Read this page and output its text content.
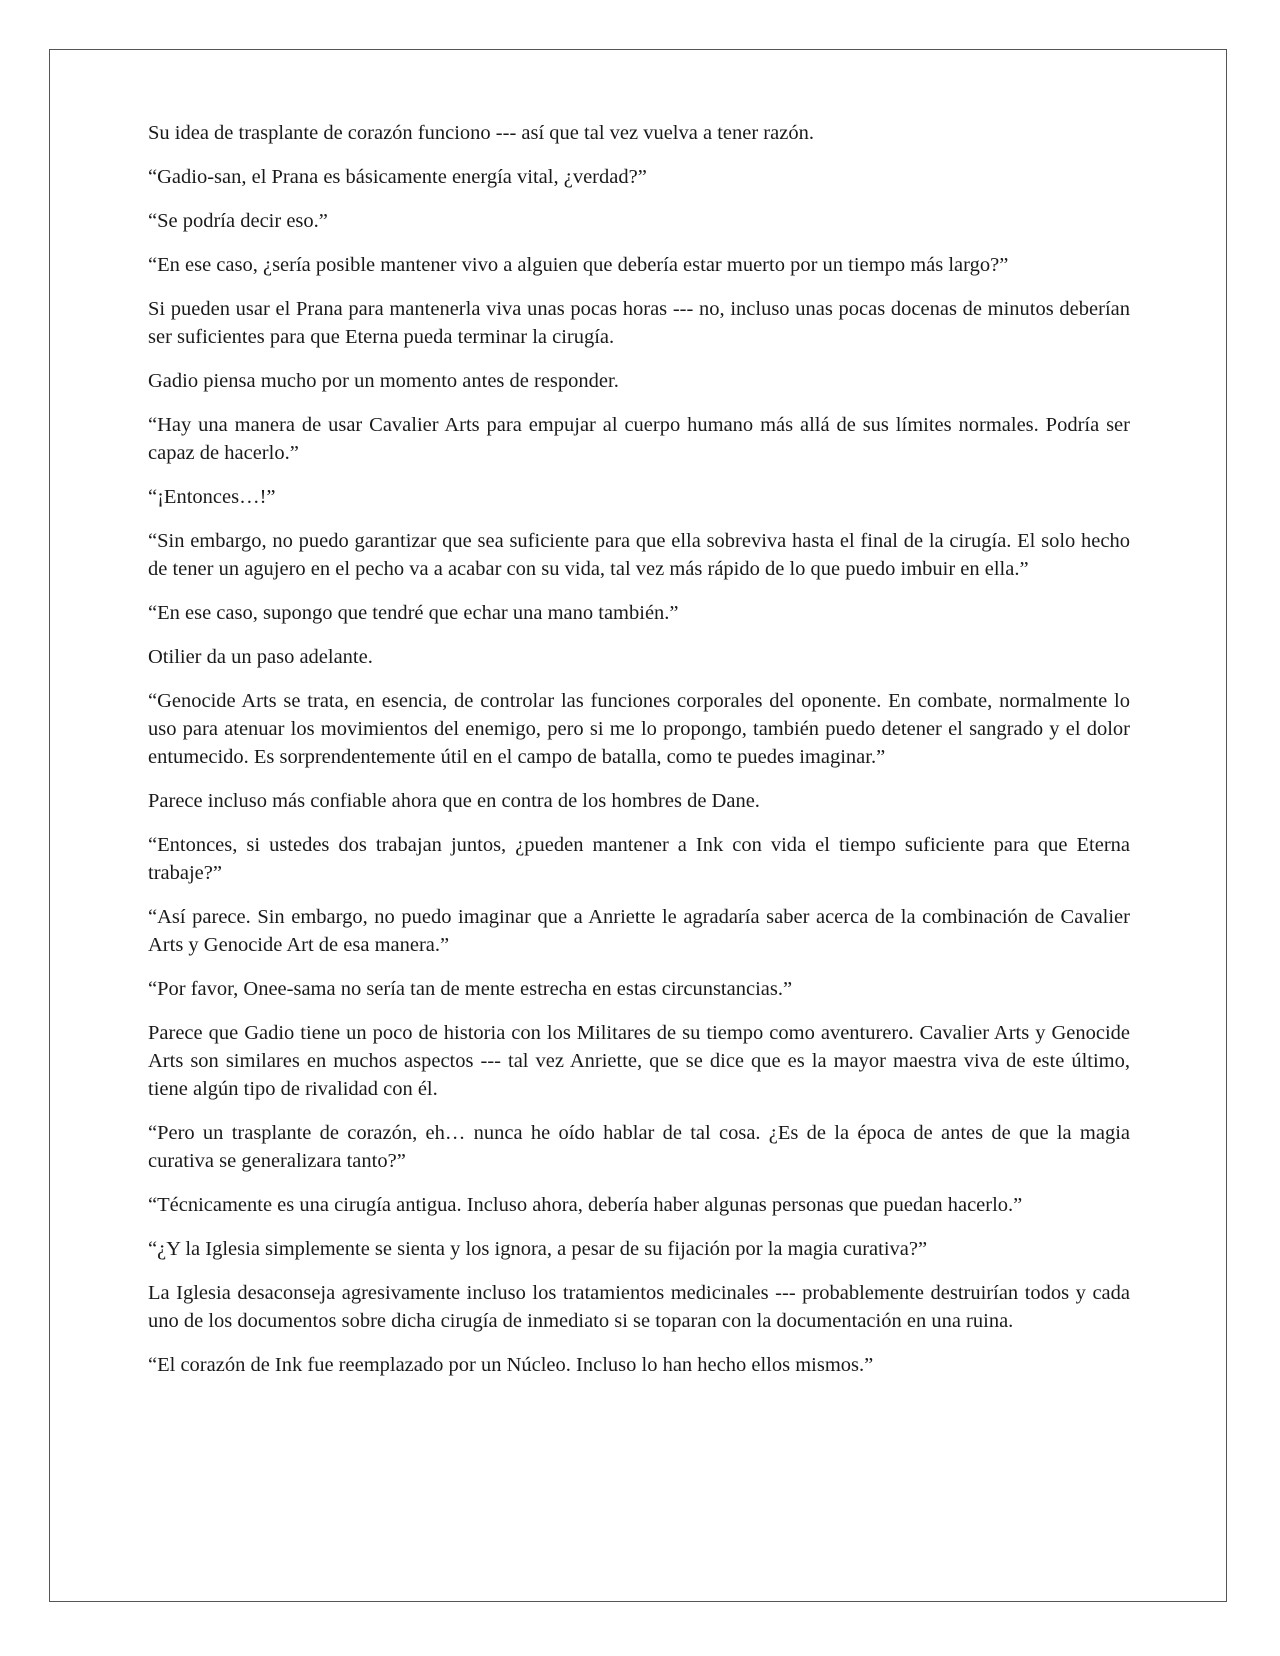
Su idea de trasplante de corazón funciono --- así que tal vez vuelva a tener razón.

“Gadio-san, el Prana es básicamente energía vital, ¿verdad?”

“Se podría decir eso.”

“En ese caso, ¿sería posible mantener vivo a alguien que debería estar muerto por un tiempo más largo?”

Si pueden usar el Prana para mantenerla viva unas pocas horas --- no, incluso unas pocas docenas de minutos deberían ser suficientes para que Eterna pueda terminar la cirugía.

Gadio piensa mucho por un momento antes de responder.

“Hay una manera de usar Cavalier Arts para empujar al cuerpo humano más allá de sus límites normales. Podría ser capaz de hacerlo.”

“¡Entonces…!”

“Sin embargo, no puedo garantizar que sea suficiente para que ella sobreviva hasta el final de la cirugía. El solo hecho de tener un agujero en el pecho va a acabar con su vida, tal vez más rápido de lo que puedo imbuir en ella.”

“En ese caso, supongo que tendré que echar una mano también.”

Otilier da un paso adelante.

“Genocide Arts se trata, en esencia, de controlar las funciones corporales del oponente. En combate, normalmente lo uso para atenuar los movimientos del enemigo, pero si me lo propongo, también puedo detener el sangrado y el dolor entumecido. Es sorprendentemente útil en el campo de batalla, como te puedes imaginar.”

Parece incluso más confiable ahora que en contra de los hombres de Dane.

“Entonces, si ustedes dos trabajan juntos, ¿pueden mantener a Ink con vida el tiempo suficiente para que Eterna trabaje?”

“Así parece. Sin embargo, no puedo imaginar que a Anriette le agradaría saber acerca de la combinación de Cavalier Arts y Genocide Art de esa manera.”

“Por favor, Onee-sama no sería tan de mente estrecha en estas circunstancias.”

Parece que Gadio tiene un poco de historia con los Militares de su tiempo como aventurero. Cavalier Arts y Genocide Arts son similares en muchos aspectos --- tal vez Anriette, que se dice que es la mayor maestra viva de este último, tiene algún tipo de rivalidad con él.

“Pero un trasplante de corazón, eh… nunca he oído hablar de tal cosa. ¿Es de la época de antes de que la magia curativa se generalizara tanto?”

“Técnicamente es una cirugía antigua. Incluso ahora, debería haber algunas personas que puedan hacerlo.”

“¿Y la Iglesia simplemente se sienta y los ignora, a pesar de su fijación por la magia curativa?”

La Iglesia desaconseja agresivamente incluso los tratamientos medicinales --- probablemente destruirían todos y cada uno de los documentos sobre dicha cirugía de inmediato si se toparan con la documentación en una ruina.

“El corazón de Ink fue reemplazado por un Núcleo. Incluso lo han hecho ellos mismos.”
